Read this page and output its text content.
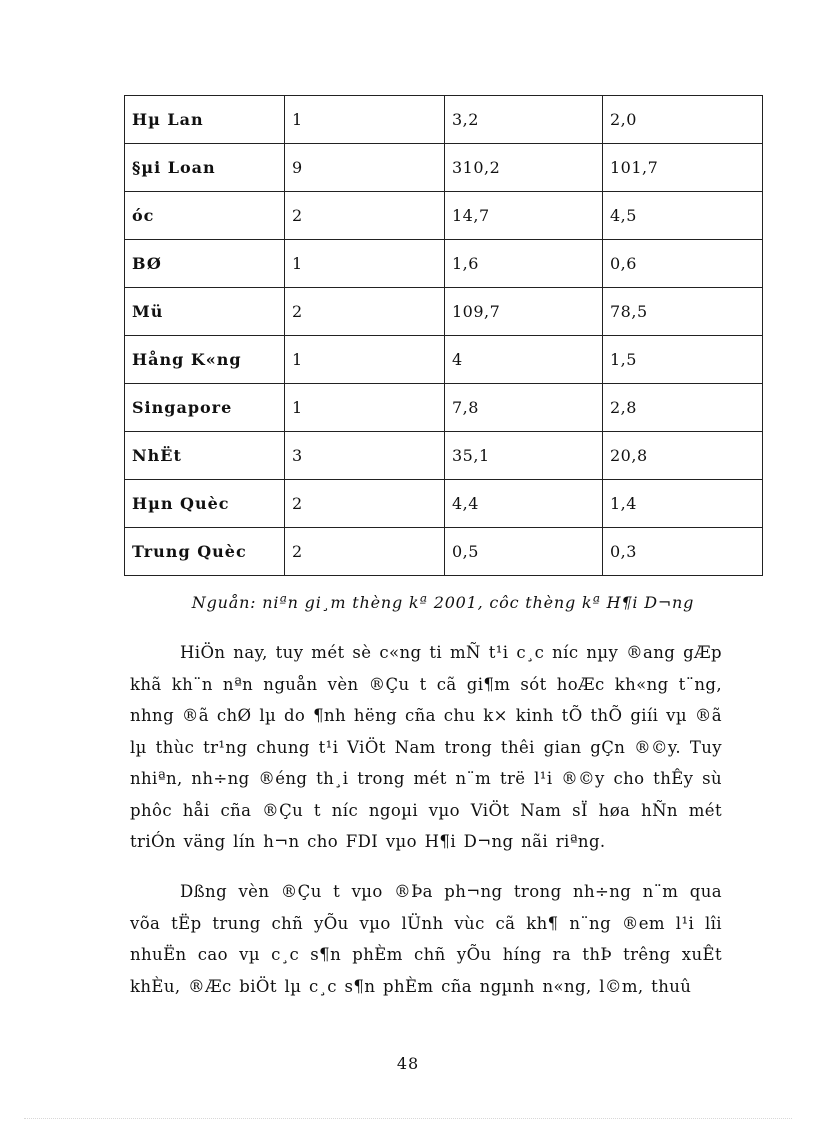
Hµ Lan	1	3,2	2,0
§µi Loan	9	310,2	101,7
óc	2	14,7	4,5
BØ	1	1,6	0,6
Mü	2	109,7	78,5
Hång K«ng	1	4	1,5
Singapore	1	7,8	2,8
NhËt	3	35,1	20,8
Hµn Quèc	2	4,4	1,4
Trung Quèc	2	0,5	0,3

Nguån: niªn gi¸m thèng kª 2001, côc thèng kª H¶i D¬ng

HiÖn nay, tuy mét sè c«ng ti mÑ t¹i c¸c níc nµy ®ang gÆp khã kh¨n nªn nguån vèn ®Çu t cã gi¶m sót hoÆc kh«ng t¨ng, nhng ®ã chØ lµ do ¶nh hëng cña chu k× kinh tÕ thÕ giíi vµ ®ã lµ thùc tr¹ng chung t¹i ViÖt Nam trong thêi gian gÇn ®©y. Tuy nhiªn, nh÷ng ®éng th¸i trong mét n¨m trë l¹i ®©y cho thÊy sù phôc håi cña ®Çu t níc ngoµi vµo ViÖt Nam sÏ høa hÑn mét triÓn väng lín h¬n cho FDI vµo H¶i D¬ng nãi riªng.

Dßng vèn ®Çu t vµo ®Þa ph¬ng trong nh÷ng n¨m qua võa tËp trung chñ yÕu vµo lÜnh vùc cã kh¶ n¨ng ®em l¹i lîi nhuËn cao vµ c¸c s¶n phÈm chñ yÕu híng ra thÞ trêng xuÊt khÈu, ®Æc biÖt lµ c¸c s¶n phÈm cña ngµnh n«ng, l©m, thuû

48
